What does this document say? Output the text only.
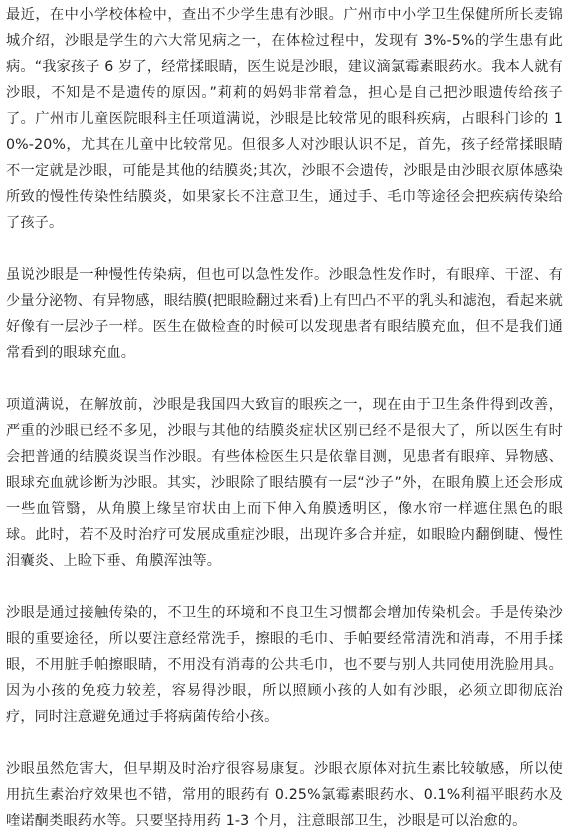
最近，在中小学校体检中，查出不少学生患有沙眼。广州市中小学卫生保健所所长麦锦城介绍，沙眼是学生的六大常见病之一，在体检过程中，发现有 3%-5%的学生患有此病。“我家孩子 6 岁了，经常揉眼睛，医生说是沙眼，建议滴氯霉素眼药水。我本人就有沙眼，不知是不是遗传的原因。”莉莉的妈妈非常着急，担心是自己把沙眼遗传给孩子了。广州市儿童医院眼科主任项道满说，沙眼是比较常见的眼科疾病，占眼科门诊的 10%-20%，尤其在儿童中比较常见。但很多人对沙眼认识不足，首先，孩子经常揉眼睛不一定就是沙眼，可能是其他的结膜炎;其次，沙眼不会遗传，沙眼是由沙眼衣原体感染所致的慢性传染性结膜炎，如果家长不注意卫生，通过手、毛巾等途径会把疾病传染给了孩子。

虽说沙眼是一种慢性传染病，但也可以急性发作。沙眼急性发作时，有眼痒、干涩、有少量分泌物、有异物感，眼结膜(把眼睑翻过来看)上有凹凸不平的乳头和滤泡，看起来就好像有一层沙子一样。医生在做检查的时候可以发现患者有眼结膜充血，但不是我们通常看到的眼球充血。

项道满说，在解放前，沙眼是我国四大致盲的眼疾之一，现在由于卫生条件得到改善，严重的沙眼已经不多见，沙眼与其他的结膜炎症状区别已经不是很大了，所以医生有时会把普通的结膜炎误当作沙眼。有些体检医生只是依靠目测，见患者有眼痒、异物感、眼球充血就诊断为沙眼。其实，沙眼除了眼结膜有一层“沙子”外，在眼角膜上还会形成一些血管翳，从角膜上缘呈帘状由上而下伸入角膜透明区，像水帘一样遮住黑色的眼球。此时，若不及时治疗可发展成重症沙眼，出现许多合并症，如眼睑内翻倒睫、慢性泪囊炎、上睑下垂、角膜浑浊等。

沙眼是通过接触传染的，不卫生的环境和不良卫生习惯都会增加传染机会。手是传染沙眼的重要途径，所以要注意经常洗手，擦眼的毛巾、手帕要经常清洗和消毒，不用手揉眼，不用脏手帕擦眼睛，不用没有消毒的公共毛巾，也不要与别人共同使用洗脸用具。因为小孩的免疫力较差，容易得沙眼，所以照顾小孩的人如有沙眼，必须立即彻底治疗，同时注意避免通过手将病菌传给小孩。

沙眼虽然危害大，但早期及时治疗很容易康复。沙眼衣原体对抗生素比较敏感，所以使用抗生素治疗效果也不错，常用的眼药有 0.25%氯霉素眼药水、0.1%利福平眼药水及喹诺酮类眼药水等。只要坚持用药 1-3 个月，注意眼部卫生，沙眼是可以治愈的。
